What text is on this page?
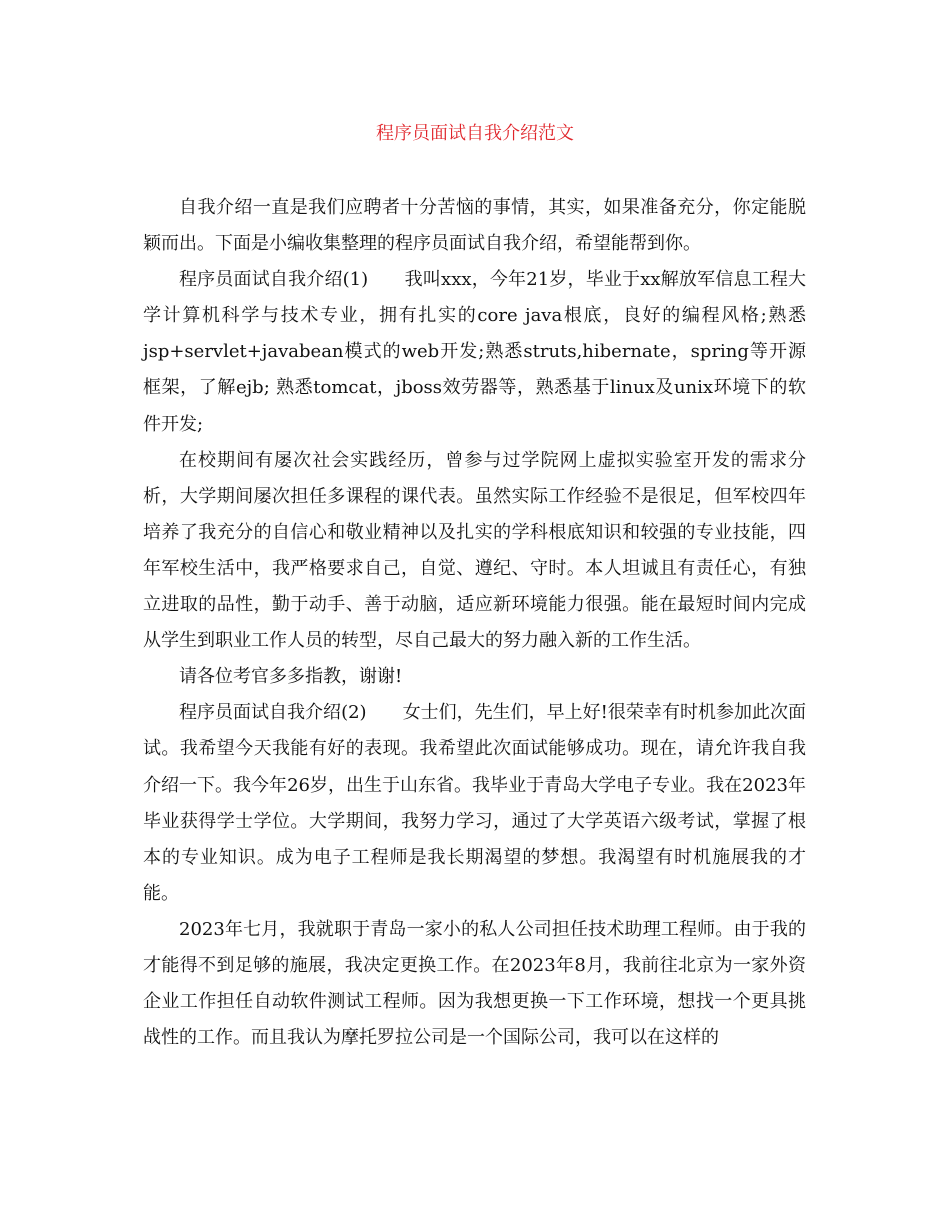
程序员面试自我介绍范文

自我介绍一直是我们应聘者十分苦恼的事情，其实，如果准备充分，你定能脱颖而出。下面是小编收集整理的程序员面试自我介绍，希望能帮到你。

程序员面试自我介绍(1)　　我叫xxx，今年21岁，毕业于xx解放军信息工程大学计算机科学与技术专业，拥有扎实的core java根底，良好的编程风格;熟悉jsp+servlet+javabean模式的web开发;熟悉struts,hibernate，spring等开源框架，了解ejb; 熟悉tomcat，jboss效劳器等，熟悉基于linux及unix环境下的软件开发;

在校期间有屡次社会实践经历，曾参与过学院网上虚拟实验室开发的需求分析，大学期间屡次担任多课程的课代表。虽然实际工作经验不是很足，但军校四年培养了我充分的自信心和敬业精神以及扎实的学科根底知识和较强的专业技能，四年军校生活中，我严格要求自己，自觉、遵纪、守时。本人坦诚且有责任心，有独立进取的品性，勤于动手、善于动脑，适应新环境能力很强。能在最短时间内完成从学生到职业工作人员的转型，尽自己最大的努力融入新的工作生活。

请各位考官多多指教，谢谢!

程序员面试自我介绍(2)　　女士们，先生们，早上好!很荣幸有时机参加此次面试。我希望今天我能有好的表现。我希望此次面试能够成功。现在，请允许我自我介绍一下。我今年26岁，出生于山东省。我毕业于青岛大学电子专业。我在2023年毕业获得学士学位。大学期间，我努力学习，通过了大学英语六级考试，掌握了根本的专业知识。成为电子工程师是我长期渴望的梦想。我渴望有时机施展我的才能。

2023年七月，我就职于青岛一家小的私人公司担任技术助理工程师。由于我的才能得不到足够的施展，我决定更换工作。在2023年8月，我前往北京为一家外资企业工作担任自动软件测试工程师。因为我想更换一下工作环境，想找一个更具挑战性的工作。而且我认为摩托罗拉公司是一个国际公司，我可以在这样的
